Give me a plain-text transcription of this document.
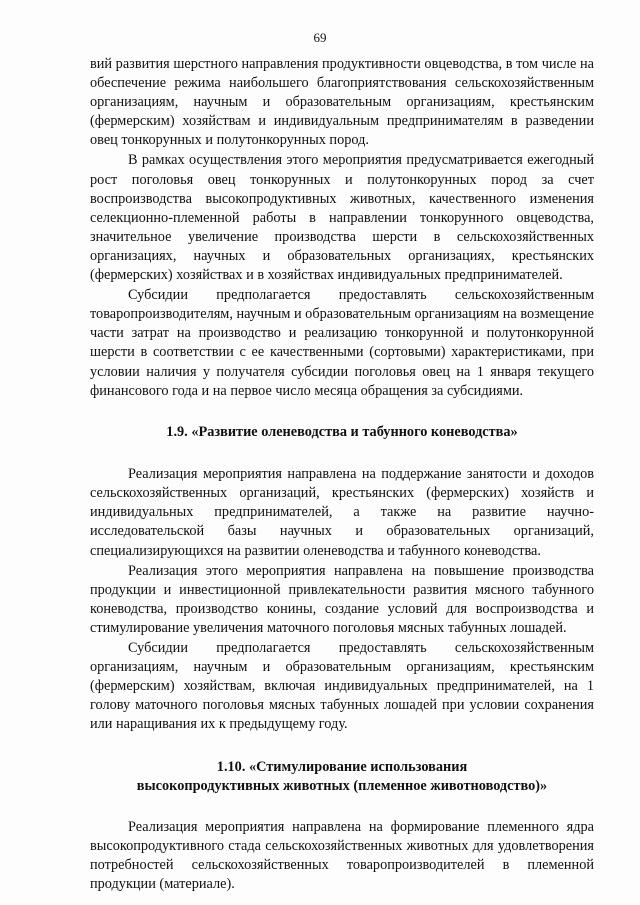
69

вий развития шерстного направления продуктивности овцеводства, в том числе на обеспечение режима наибольшего благоприятствования сельскохозяйственным организациям, научным и образовательным организациям, крестьянским (фермерским) хозяйствам и индивидуальным предпринимателям в разведении овец тонкорунных и полутонкорунных пород.

В рамках осуществления этого мероприятия предусматривается ежегодный рост поголовья овец тонкорунных и полутонкорунных пород за счет воспроизводства высокопродуктивных животных, качественного изменения селекционно-племенной работы в направлении тонкорунного овцеводства, значительное увеличение производства шерсти в сельскохозяйственных организациях, научных и образовательных организациях, крестьянских (фермерских) хозяйствах и в хозяйствах индивидуальных предпринимателей.

Субсидии предполагается предоставлять сельскохозяйственным товаропроизводителям, научным и образовательным организациям на возмещение части затрат на производство и реализацию тонкорунной и полутонкорунной шерсти в соответствии с ее качественными (сортовыми) характеристиками, при условии наличия у получателя субсидии поголовья овец на 1 января текущего финансового года и на первое число месяца обращения за субсидиями.

1.9. «Развитие оленеводства и табунного коневодства»

Реализация мероприятия направлена на поддержание занятости и доходов сельскохозяйственных организаций, крестьянских (фермерских) хозяйств и индивидуальных предпринимателей, а также на развитие научно-исследовательской базы научных и образовательных организаций, специализирующихся на развитии оленеводства и табунного коневодства.

Реализация этого мероприятия направлена на повышение производства продукции и инвестиционной привлекательности развития мясного табунного коневодства, производство конины, создание условий для воспроизводства и стимулирование увеличения маточного поголовья мясных табунных лошадей.

Субсидии предполагается предоставлять сельскохозяйственным организациям, научным и образовательным организациям, крестьянским (фермерским) хозяйствам, включая индивидуальных предпринимателей, на 1 голову маточного поголовья мясных табунных лошадей при условии сохранения или наращивания их к предыдущему году.

1.10. «Стимулирование использования
высокопродуктивных животных (племенное животноводство)»

Реализация мероприятия направлена на формирование племенного ядра высокопродуктивного стада сельскохозяйственных животных для удовлетворения потребностей сельскохозяйственных товаропроизводителей в племенной продукции (материале).
